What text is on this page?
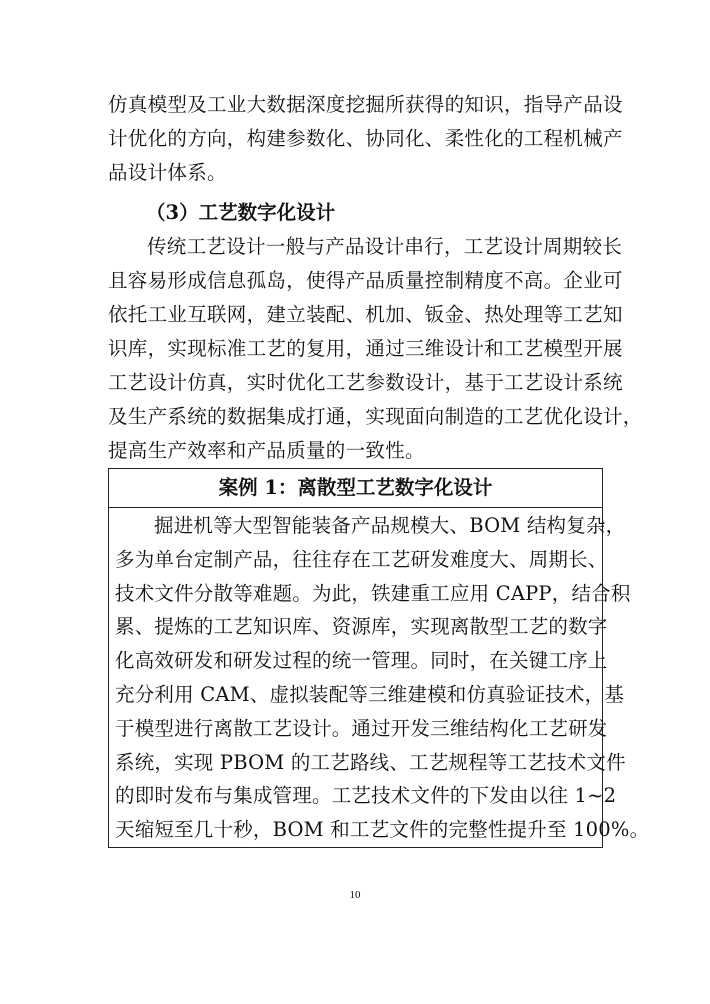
仿真模型及工业大数据深度挖掘所获得的知识，指导产品设
计优化的方向，构建参数化、协同化、柔性化的工程机械产
品设计体系。
（3）工艺数字化设计
传统工艺设计一般与产品设计串行，工艺设计周期较长
且容易形成信息孤岛，使得产品质量控制精度不高。企业可
依托工业互联网，建立装配、机加、钣金、热处理等工艺知
识库，实现标准工艺的复用，通过三维设计和工艺模型开展
工艺设计仿真，实时优化工艺参数设计，基于工艺设计系统
及生产系统的数据集成打通，实现面向制造的工艺优化设计，
提高生产效率和产品质量的一致性。
案例 1：离散型工艺数字化设计
掘进机等大型智能装备产品规模大、BOM 结构复杂，
多为单台定制产品，往往存在工艺研发难度大、周期长、
技术文件分散等难题。为此，铁建重工应用 CAPP，结合积
累、提炼的工艺知识库、资源库，实现离散型工艺的数字
化高效研发和研发过程的统一管理。同时，在关键工序上
充分利用 CAM、虚拟装配等三维建模和仿真验证技术，基
于模型进行离散工艺设计。通过开发三维结构化工艺研发
系统，实现 PBOM 的工艺路线、工艺规程等工艺技术文件
的即时发布与集成管理。工艺技术文件的下发由以往 1~2
天缩短至几十秒，BOM 和工艺文件的完整性提升至 100%。
10
